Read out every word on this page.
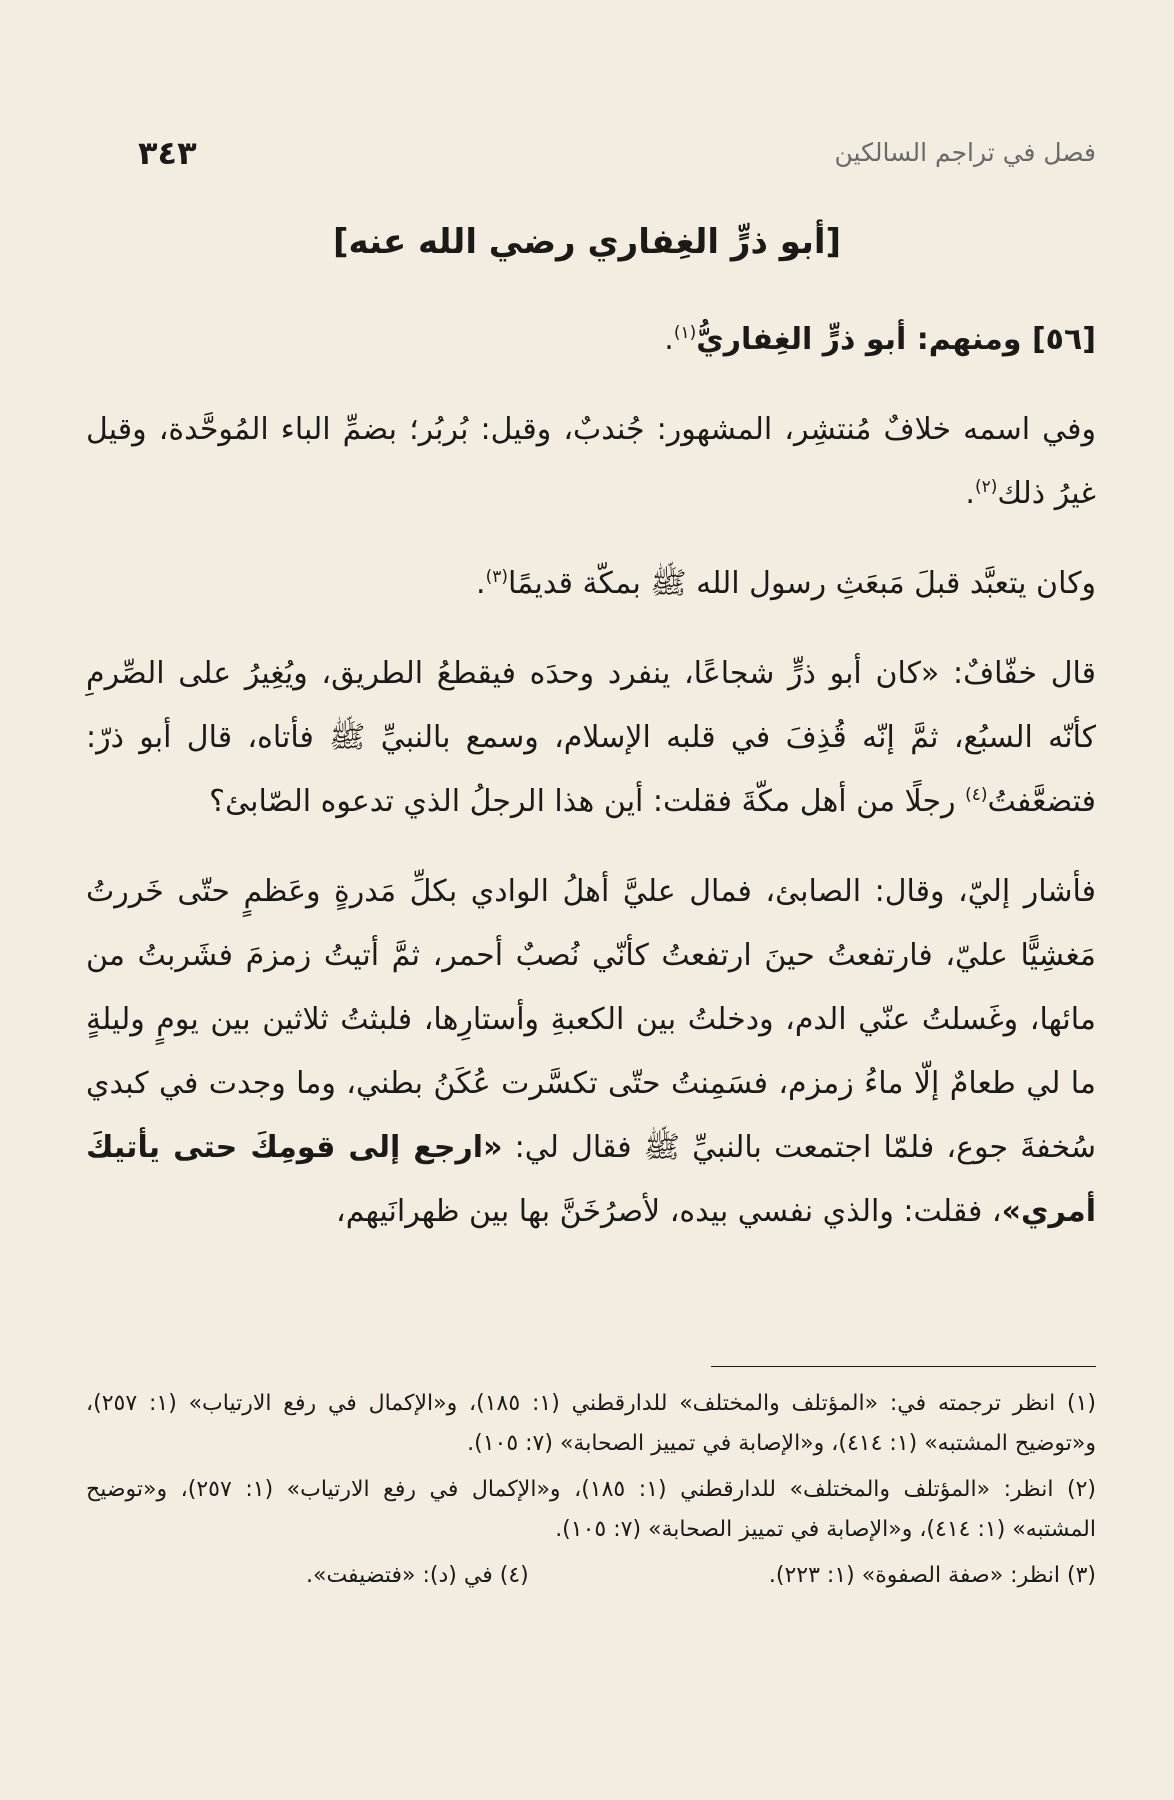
فصل في تراجم السالكين
٣٤٣
[أبو ذرٍّ الغِفاري رضي الله عنه]

[٥٦] ومنهم: أبو ذرٍّ الغِفاريُّ$^{(١)}$.

وفي اسمه خلافٌ مُنتشِر، المشهور: جُندبٌ، وقيل: بُربُر؛ بضمِّ الباء المُوحَّدة، وقيل غيرُ ذلك$^{(٢)}$.

وكان يتعبَّد قبلَ مَبعَثِ رسول الله ﷺ بمكّة قديمًا$^{(٣)}$.

قال خفّافٌ: «كان أبو ذرٍّ شجاعًا، ينفرد وحدَه فيقطعُ الطريق، ويُغِيرُ على الصِّرمِ كأنّه السبُع، ثمَّ إنّه قُذِفَ في قلبه الإسلام، وسمع بالنبيِّ ﷺ فأتاه، قال أبو ذرّ: فتضعَّفتُ$^{(٤)}$ رجلًا من أهل مكّةَ فقلت: أين هذا الرجلُ الذي تدعوه الصّابئ؟

فأشار إليّ، وقال: الصابئ، فمال عليَّ أهلُ الوادي بكلِّ مَدرةٍ وعَظمٍ حتّى خَررتُ مَغشِيًّا عليّ، فارتفعتُ حينَ ارتفعتُ كأنّي نُصبٌ أحمر، ثمَّ أتيتُ زمزمَ فشَربتُ من مائها، وغَسلتُ عنّي الدم، ودخلتُ بين الكعبةِ وأستارِها، فلبثتُ ثلاثين بين يومٍ وليلةٍ ما لي طعامٌ إلّا ماءُ زمزم، فسَمِنتُ حتّى تكسَّرت عُكَنُ بطني، وما وجدت في كبدي سُخفةَ جوع، فلمّا اجتمعت بالنبيِّ ﷺ فقال لي: «ارجع إلى قومِكَ حتى يأتيكَ أمري»، فقلت: والذي نفسي بيده، لأصرُخَنَّ بها بين ظهرانَيهم،

(١) انظر ترجمته في: «المؤتلف والمختلف» للدارقطني (١: ١٨٥)، و«الإكمال في رفع الارتياب» (١: ٢٥٧)، و«توضيح المشتبه» (١: ٤١٤)، و«الإصابة في تمييز الصحابة» (٧: ١٠٥).

(٢) انظر: «المؤتلف والمختلف» للدارقطني (١: ١٨٥)، و«الإكمال في رفع الارتياب» (١: ٢٥٧)، و«توضيح المشتبه» (١: ٤١٤)، و«الإصابة في تمييز الصحابة» (٧: ١٠٥).

(٣) انظر: «صفة الصفوة» (١: ٢٢٣).
(٤) في (د): «فتضيفت».
